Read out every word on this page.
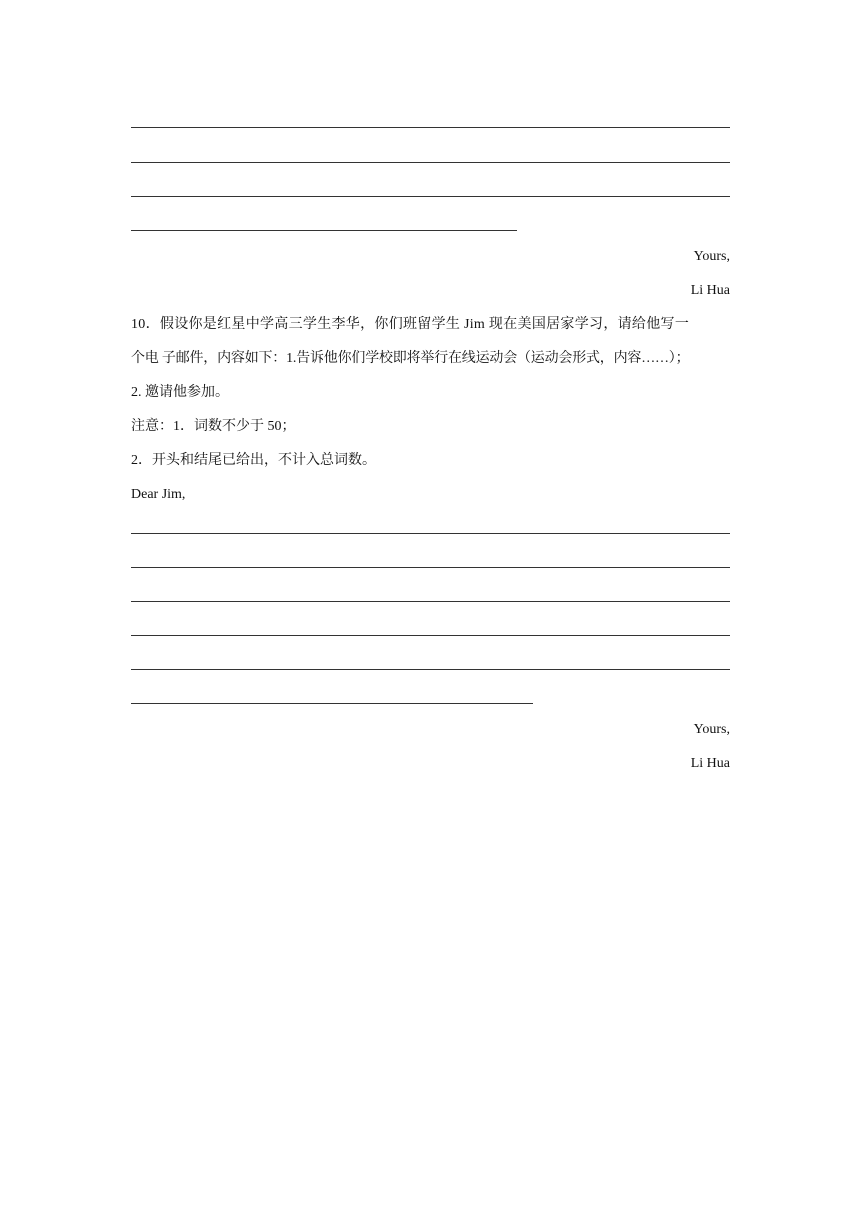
Yours,
Li Hua
10．假设你是红星中学高三学生李华，你们班留学生 Jim 现在美国居家学习，请给他写一
个电 子邮件，内容如下：1.告诉他你们学校即将举行在线运动会（运动会形式，内容……）；
2. 邀请他参加。
注意：1．词数不少于 50；
2．开头和结尾已给出，不计入总词数。
Dear Jim,
Yours,
Li Hua
